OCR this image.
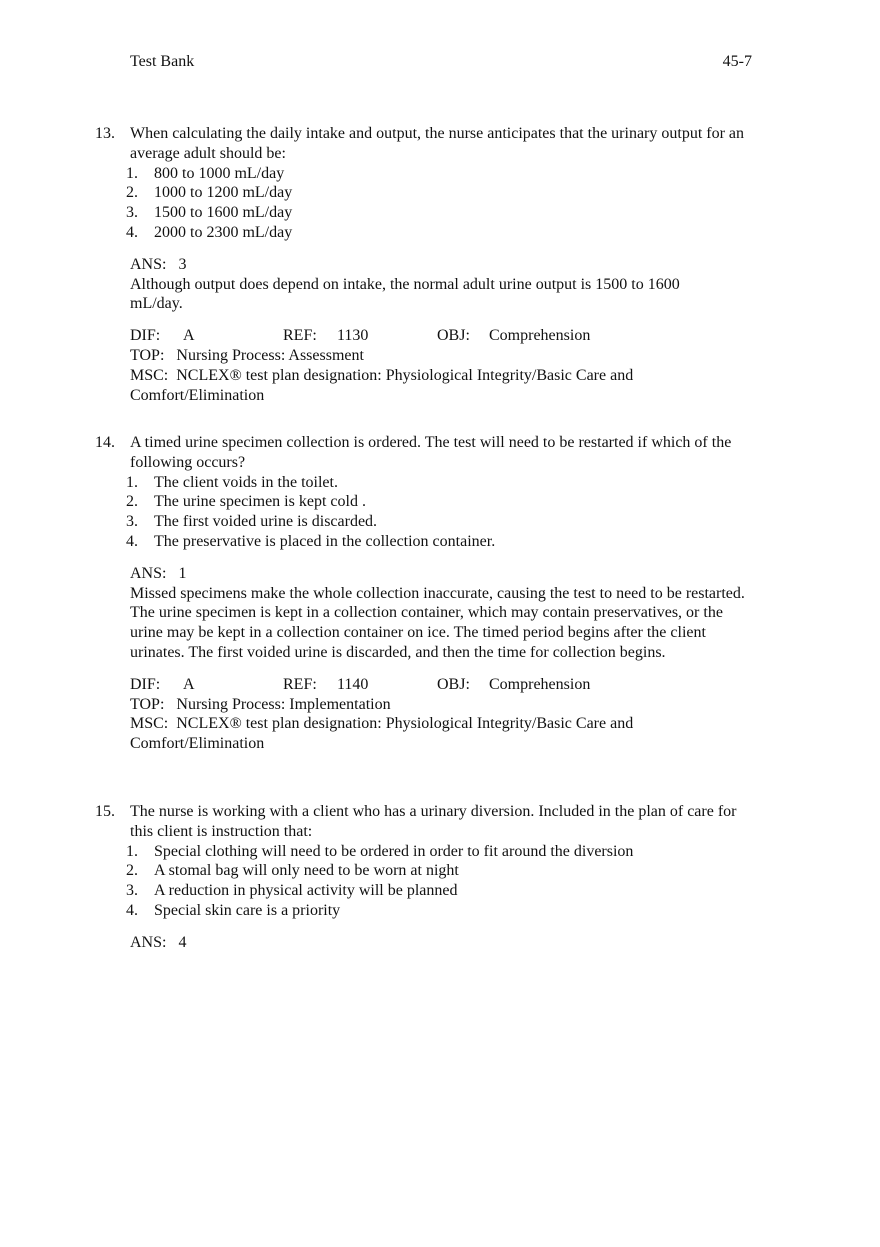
Test Bank	45-7
13. When calculating the daily intake and output, the nurse anticipates that the urinary output for an average adult should be:
1. 800 to 1000 mL/day
2. 1000 to 1200 mL/day
3. 1500 to 1600 mL/day
4. 2000 to 2300 mL/day
ANS: 3
Although output does depend on intake, the normal adult urine output is 1500 to 1600 mL/day.
DIF: A	REF: 1130	OBJ: Comprehension
TOP: Nursing Process: Assessment
MSC: NCLEX® test plan designation: Physiological Integrity/Basic Care and
Comfort/Elimination
14. A timed urine specimen collection is ordered. The test will need to be restarted if which of the following occurs?
1. The client voids in the toilet.
2. The urine specimen is kept cold .
3. The first voided urine is discarded.
4. The preservative is placed in the collection container.
ANS: 1
Missed specimens make the whole collection inaccurate, causing the test to need to be restarted. The urine specimen is kept in a collection container, which may contain preservatives, or the urine may be kept in a collection container on ice. The timed period begins after the client urinates. The first voided urine is discarded, and then the time for collection begins.
DIF: A	REF: 1140	OBJ: Comprehension
TOP: Nursing Process: Implementation
MSC: NCLEX® test plan designation: Physiological Integrity/Basic Care and
Comfort/Elimination
15. The nurse is working with a client who has a urinary diversion. Included in the plan of care for this client is instruction that:
1. Special clothing will need to be ordered in order to fit around the diversion
2. A stomal bag will only need to be worn at night
3. A reduction in physical activity will be planned
4. Special skin care is a priority
ANS: 4
